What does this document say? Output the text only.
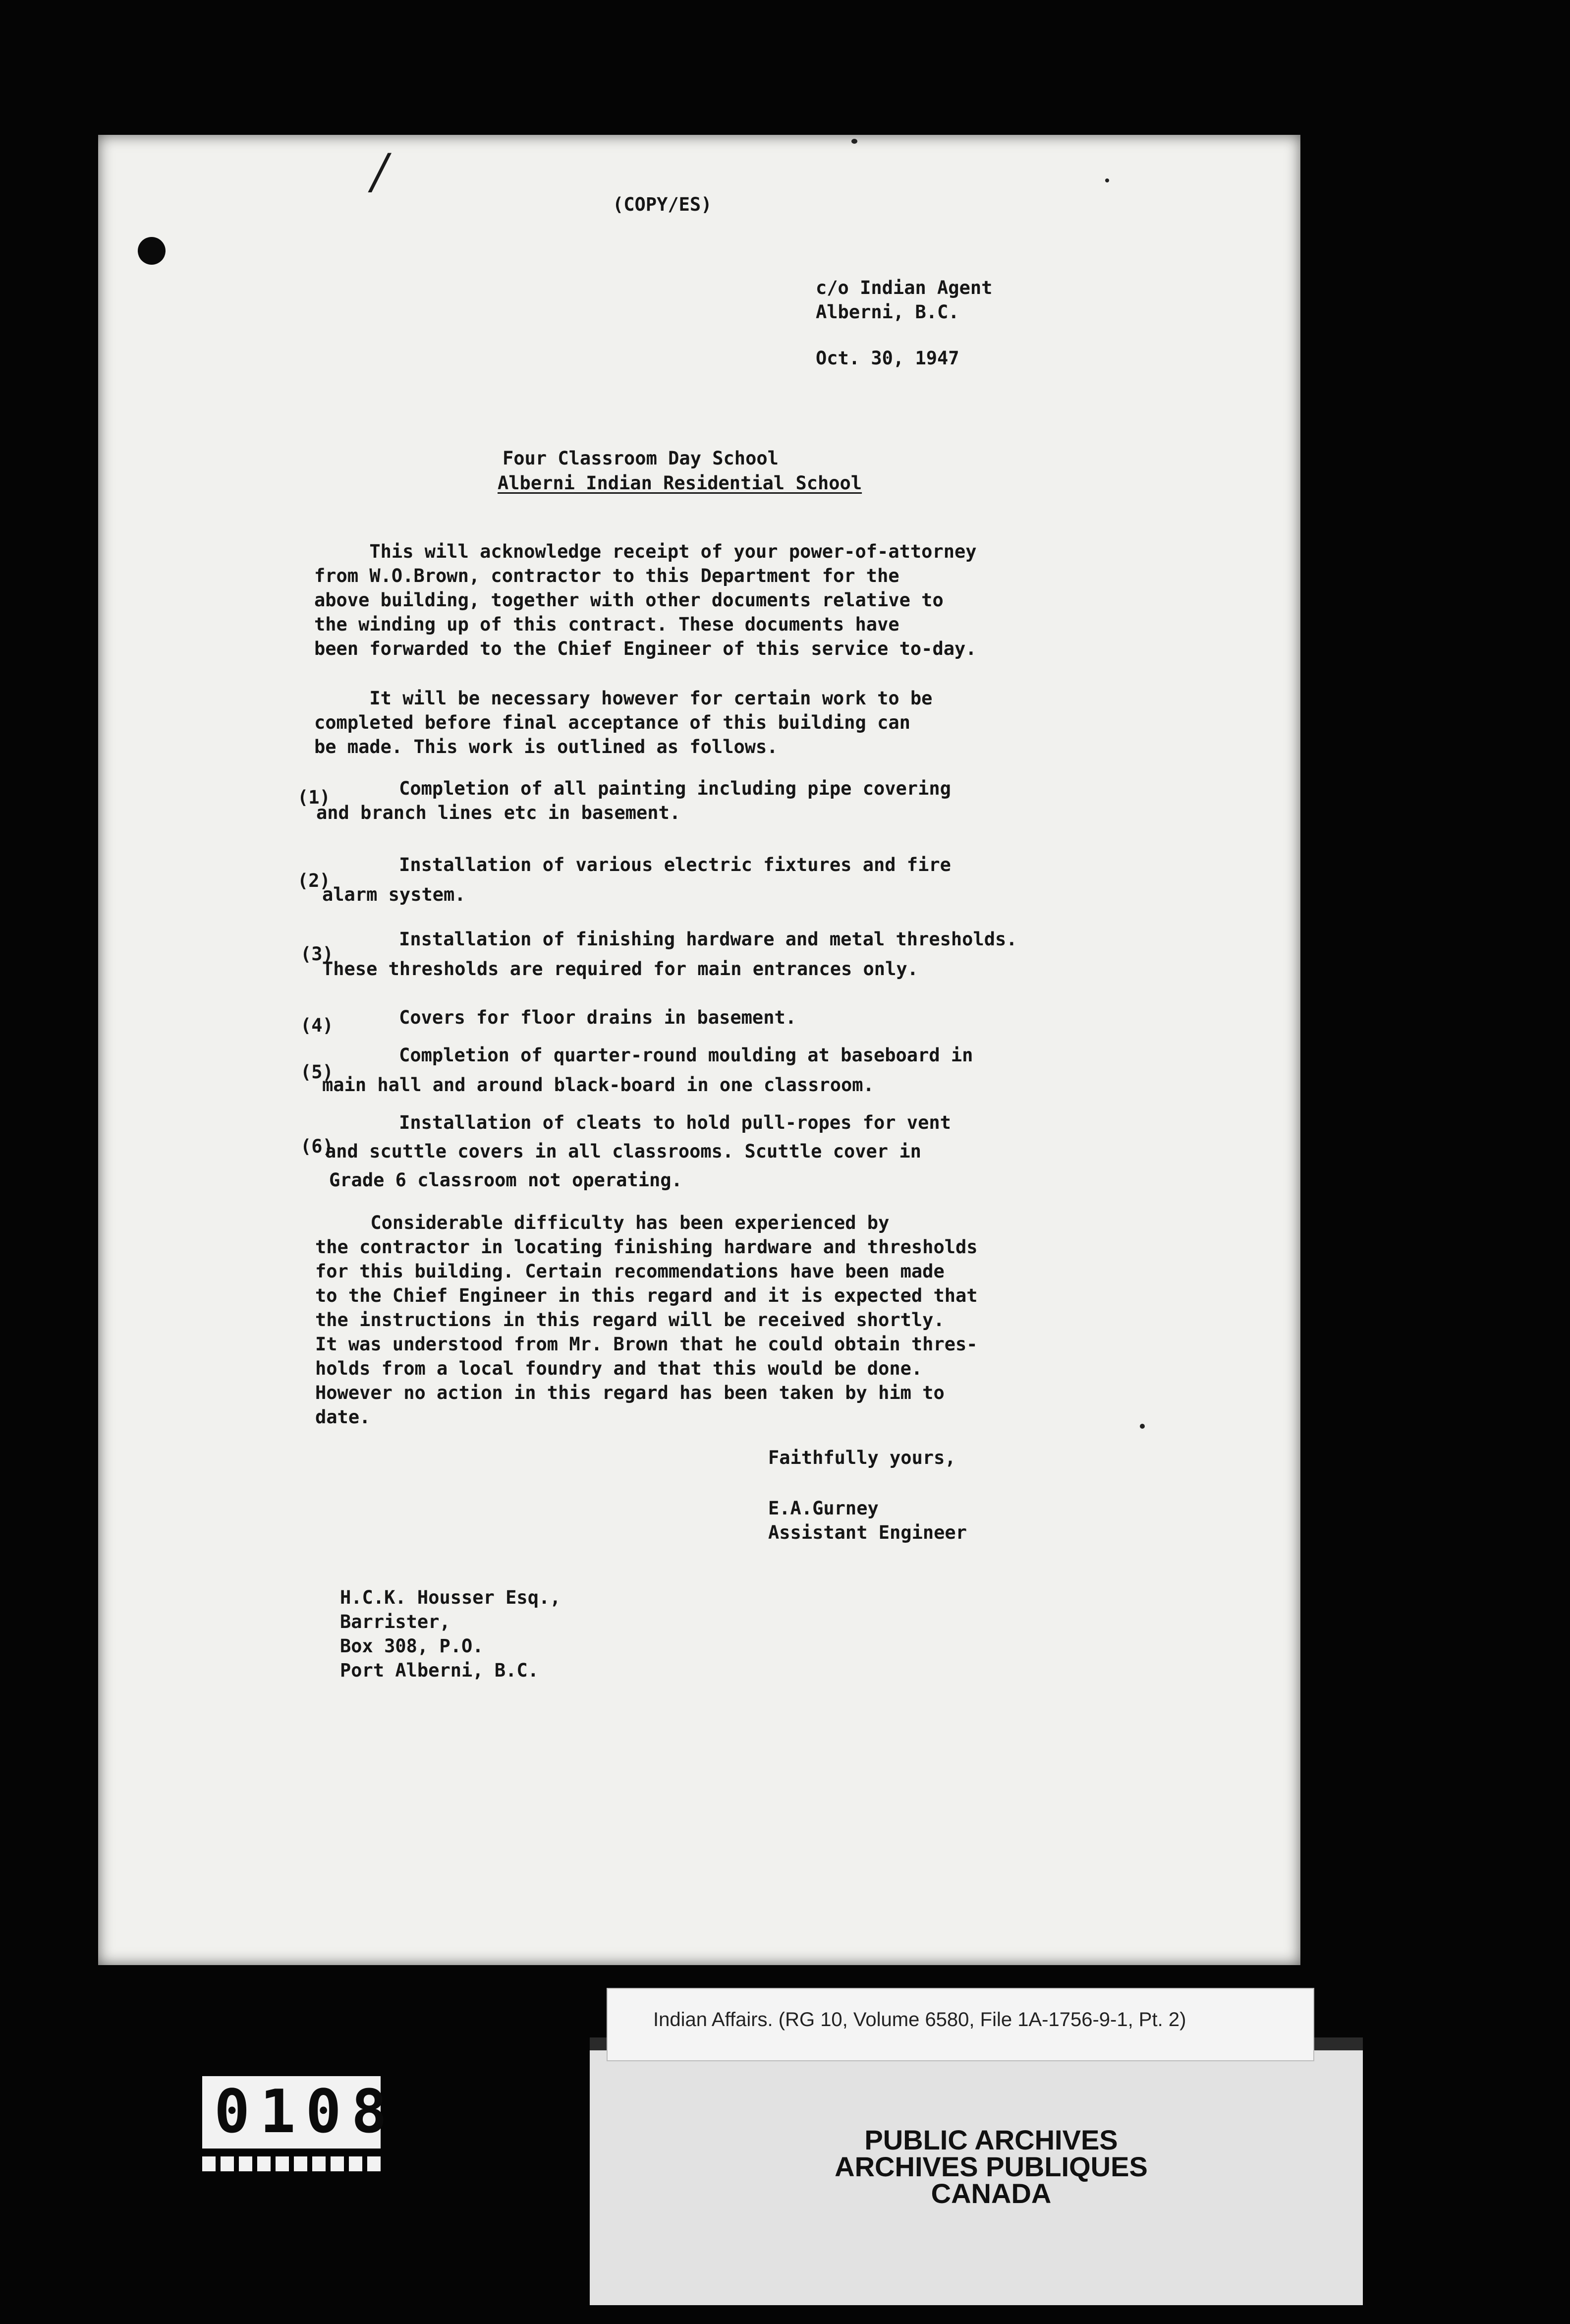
/
(COPY/ES)
c/o Indian Agent
Alberni, B.C.
Oct. 30, 1947
Four Classroom Day School
Alberni Indian Residential School
This will acknowledge receipt of your power-of-attorney
from W.O.Brown, contractor to this Department for the
above building, together with other documents relative to
the winding up of this contract. These documents have
been forwarded to the Chief Engineer of this service to-day.
It will be necessary however for certain work to be
completed before final acceptance of this building can
be made. This work is outlined as follows.
(1) Completion of all painting including pipe covering
and branch lines etc in basement.
(2)
Installation of various electric fixtures and fire
alarm system.
(3)
Installation of finishing hardware and metal thresholds.
These thresholds are required for main entrances only.
(4) Covers for floor drains in basement.
(5)
Completion of quarter-round moulding at baseboard in
main hall and around black-board in one classroom.
(6)
Installation of cleats to hold pull-ropes for vent
and scuttle covers in all classrooms. Scuttle cover in
Grade 6 classroom not operating.
Considerable difficulty has been experienced by
the contractor in locating finishing hardware and thresholds
for this building. Certain recommendations have been made
to the Chief Engineer in this regard and it is expected that
the instructions in this regard will be received shortly.
It was understood from Mr. Brown that he could obtain thres-
holds from a local foundry and that this would be done.
However no action in this regard has been taken by him to
date.
Faithfully yours,
E.A.Gurney
Assistant Engineer
H.C.K. Housser Esq.,
Barrister,
Box 308, P.O.
Port Alberni, B.C.
Indian Affairs. (RG 10, Volume 6580, File 1A-1756-9-1, Pt. 2)
PUBLIC ARCHIVES
ARCHIVES PUBLIQUES
CANADA
0108
